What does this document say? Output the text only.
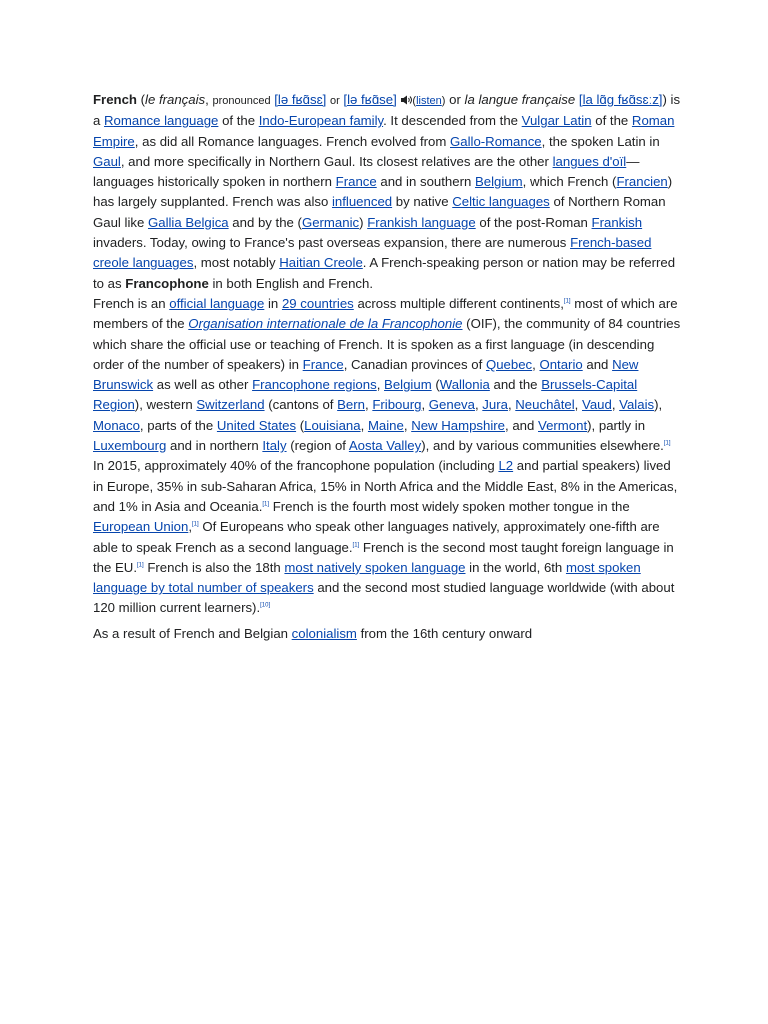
French (le français, pronounced [lə fʁɑ̃sɛ] or [lə fʁɑ̃se] (listen) or la langue française [la lɑ̃ɡ fʁɑ̃sɛːz]) is a Romance language of the Indo-European family. It descended from the Vulgar Latin of the Roman Empire, as did all Romance languages. French evolved from Gallo-Romance, the spoken Latin in Gaul, and more specifically in Northern Gaul. Its closest relatives are the other langues d'oïl—languages historically spoken in northern France and in southern Belgium, which French (Francien) has largely supplanted. French was also influenced by native Celtic languages of Northern Roman Gaul like Gallia Belgica and by the (Germanic) Frankish language of the post-Roman Frankish invaders. Today, owing to France's past overseas expansion, there are numerous French-based creole languages, most notably Haitian Creole. A French-speaking person or nation may be referred to as Francophone in both English and French.
French is an official language in 29 countries across multiple different continents,[1] most of which are members of the Organisation internationale de la Francophonie (OIF), the community of 84 countries which share the official use or teaching of French. It is spoken as a first language (in descending order of the number of speakers) in France, Canadian provinces of Quebec, Ontario and New Brunswick as well as other Francophone regions, Belgium (Wallonia and the Brussels-Capital Region), western Switzerland (cantons of Bern, Fribourg, Geneva, Jura, Neuchâtel, Vaud, Valais), Monaco, parts of the United States (Louisiana, Maine, New Hampshire, and Vermont), partly in Luxembourg and in northern Italy (region of Aosta Valley), and by various communities elsewhere.[1] In 2015, approximately 40% of the francophone population (including L2 and partial speakers) lived in Europe, 35% in sub-Saharan Africa, 15% in North Africa and the Middle East, 8% in the Americas, and 1% in Asia and Oceania.[1] French is the fourth most widely spoken mother tongue in the European Union,[1] Of Europeans who speak other languages natively, approximately one-fifth are able to speak French as a second language.[1] French is the second most taught foreign language in the EU.[1] French is also the 18th most natively spoken language in the world, 6th most spoken language by total number of speakers and the second most studied language worldwide (with about 120 million current learners).[10]

As a result of French and Belgian colonialism from the 16th century onward
